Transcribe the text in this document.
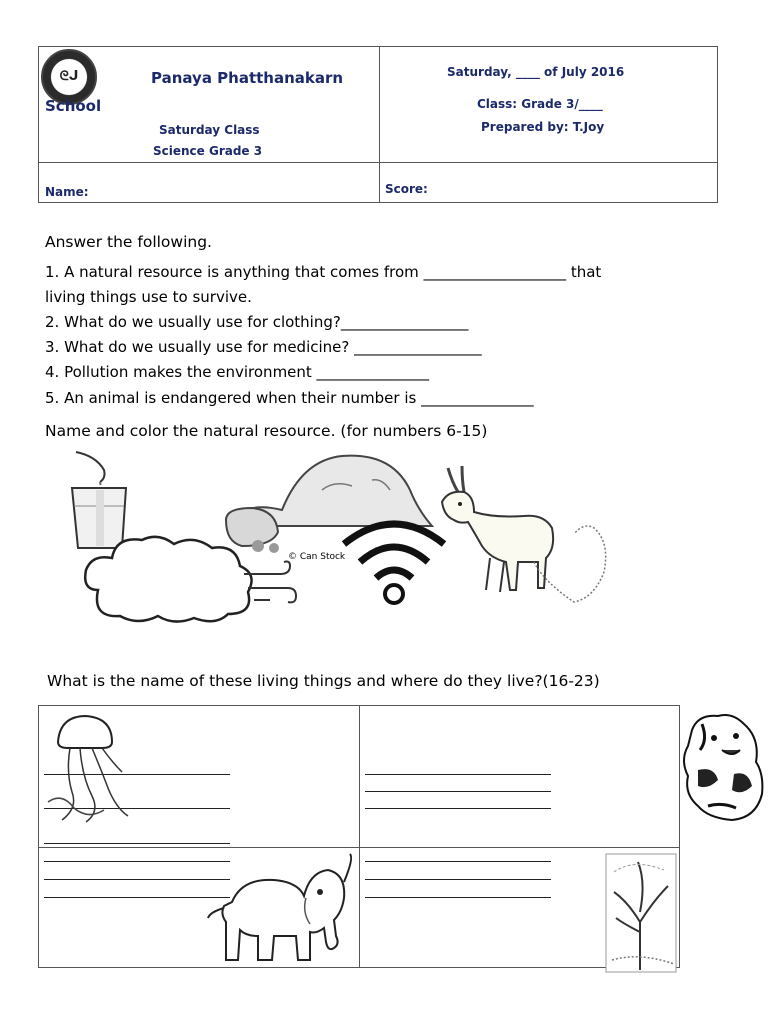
ᘓ⁠ᒍ	Panaya Phatthanakarn
School
Saturday Class
Science Grade 3
Saturday, ____ of July 2016
Class: Grade 3/____
Prepared by: T.Joy
Name:	Score:
Answer the following.
1. A natural resource is anything that comes from ___________________ that
living things use to survive.
2. What do we usually use for clothing?_________________
3. What do we usually use for medicine? _________________
4. Pollution makes the environment _______________
5. An animal is endangered when their number is _______________
Name and color the natural resource. (for numbers 6-15)
© Can Stock
What is the name of these living things and where do they live?(16-23)
